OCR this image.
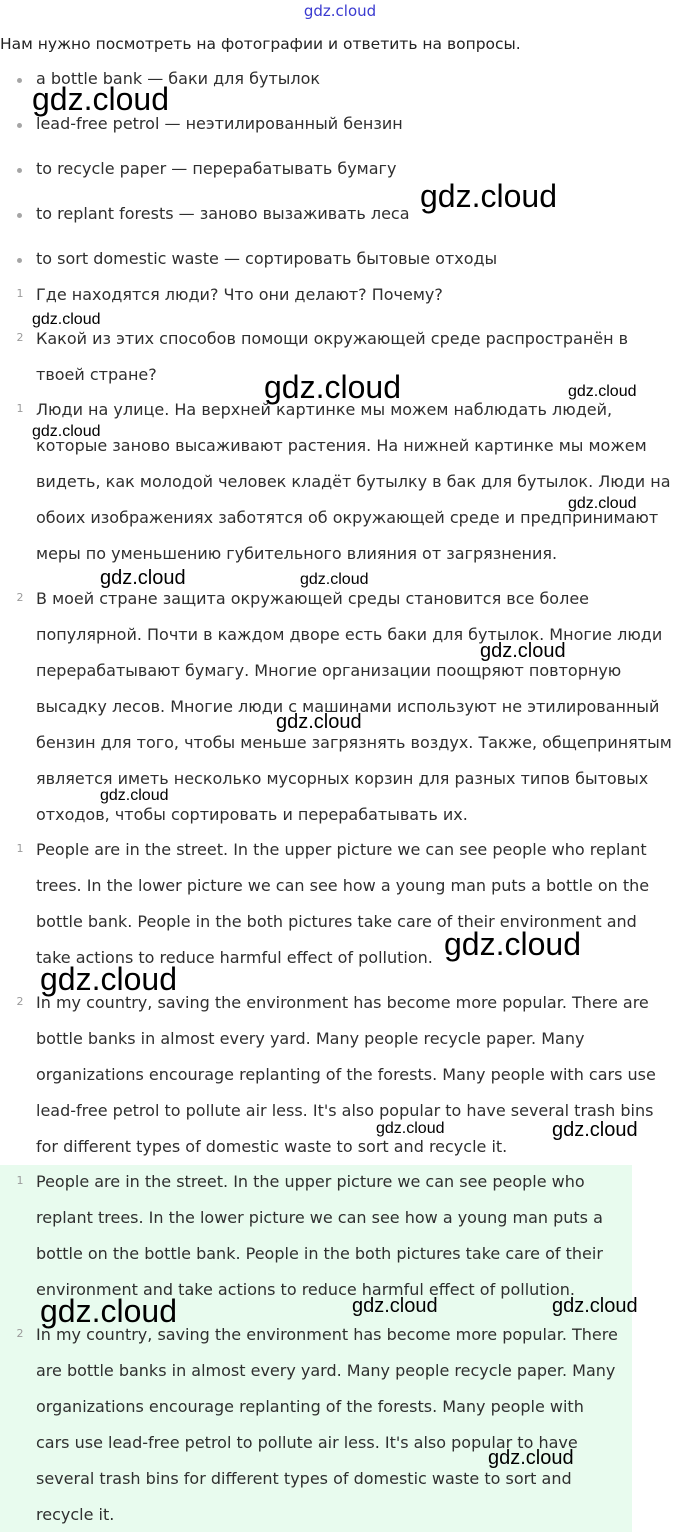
gdz.cloud
Нам нужно посмотреть на фотографии и ответить на вопросы.
a bottle bank — баки для бутылок
lead-free petrol — неэтилированный бензин
to recycle paper — перерабатывать бумагу
to replant forests — заново вызаживать леса
to sort domestic waste — сортировать бытовые отходы
1 Где находятся люди? Что они делают? Почему?
2 Какой из этих способов помощи окружающей среде распространён в
твоей стране?
1 Люди на улице. На верхней картинке мы можем наблюдать людей,
которые заново высаживают растения. На нижней картинке мы можем
видеть, как молодой человек кладёт бутылку в бак для бутылок. Люди на
обоих изображениях заботятся об окружающей среде и предпринимают
меры по уменьшению губительного влияния от загрязнения.
2 В моей стране защита окружающей среды становится все более
популярной. Почти в каждом дворе есть баки для бутылок. Многие люди
перерабатывают бумагу. Многие организации поощряют повторную
высадку лесов. Многие люди с машинами используют не этилированный
бензин для того, чтобы меньше загрязнять воздух. Также, общепринятым
является иметь несколько мусорных корзин для разных типов бытовых
отходов, чтобы сортировать и перерабатывать их.
1 People are in the street. In the upper picture we can see people who replant
trees. In the lower picture we can see how a young man puts a bottle on the
bottle bank. People in the both pictures take care of their environment and
take actions to reduce harmful effect of pollution.
2 In my country, saving the environment has become more popular. There are
bottle banks in almost every yard. Many people recycle paper. Many
organizations encourage replanting of the forests. Many people with cars use
lead-free petrol to pollute air less. It's also popular to have several trash bins
for different types of domestic waste to sort and recycle it.
1 People are in the street. In the upper picture we can see people who
replant trees. In the lower picture we can see how a young man puts a
bottle on the bottle bank. People in the both pictures take care of their
environment and take actions to reduce harmful effect of pollution.
2 In my country, saving the environment has become more popular. There
are bottle banks in almost every yard. Many people recycle paper. Many
organizations encourage replanting of the forests. Many people with
cars use lead-free petrol to pollute air less. It's also popular to have
several trash bins for different types of domestic waste to sort and
recycle it.
gdz.cloud
gdz.cloud
gdz.cloud
gdz.cloud	gdz.cloud
gdz.cloud
gdz.cloud
gdz.cloud	gdz.cloud
gdz.cloud
gdz.cloud
gdz.cloud
gdz.cloud
gdz.cloud
gdz.cloud	gdz.cloud
gdz.cloud	gdz.cloud	gdz.cloud
gdz.cloud
